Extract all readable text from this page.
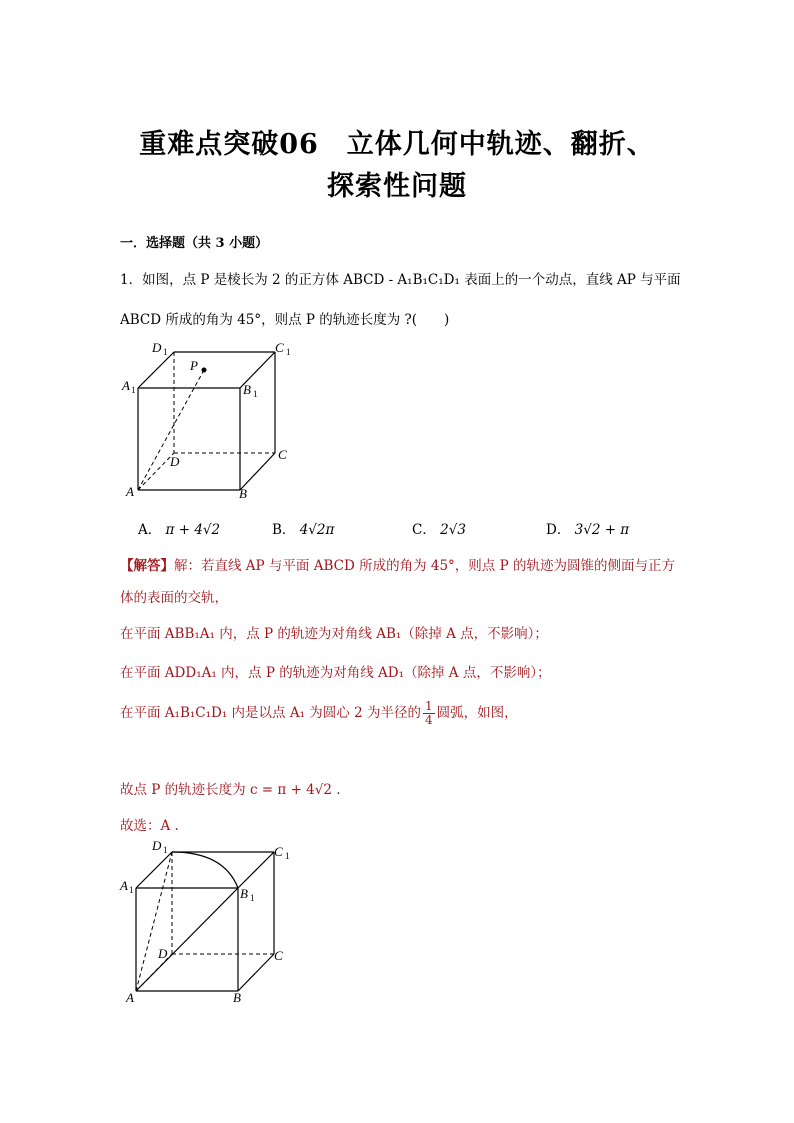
重难点突破06　立体几何中轨迹、翻折、
探索性问题
一．选择题（共 3 小题）
1．如图，点 P 是棱长为 2 的正方体 ABCD - A₁B₁C₁D₁ 表面上的一个动点，直线 AP 与平面
ABCD 所成的角为 45°，则点 P 的轨迹长度为 ?(　　)
D 1	C 1
A 1	B 1
P
D	C
A	B
A． π + 4√2	B． 4√2π	C． 2√3	D． 3√2 + π
【解答】解：若直线 AP 与平面 ABCD 所成的角为 45°，则点 P 的轨迹为圆锥的侧面与正方
体的表面的交轨，
在平面 ABB₁A₁ 内，点 P 的轨迹为对角线 AB₁（除掉 A 点，不影响）；
在平面 ADD₁A₁ 内，点 P 的轨迹为对角线 AD₁（除掉 A 点，不影响）；
在平面 A₁B₁C₁D₁ 内是以点 A₁ 为圆心 2 为半径的 $\frac{1}{4}$ 圆弧，如图，
故点 P 的轨迹长度为 c = π + 4√2 .
故选：A .
D 1	C 1
A 1	B 1
D	C
A	B
